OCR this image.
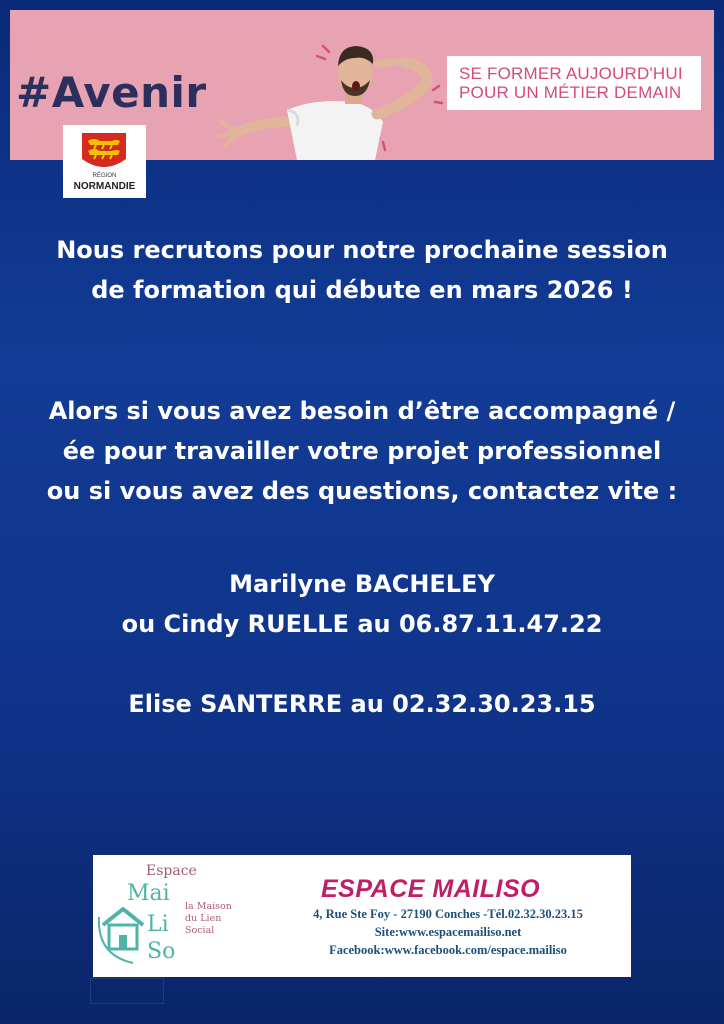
#Avenir	SE FORMER AUJOURD'HUI
POUR UN MÉTIER DEMAIN
RÉGION
NORMANDIE
Nous recrutons pour notre prochaine session
de formation qui débute en mars 2026 !
Alors si vous avez besoin d’être accompagné /
ée pour travailler votre projet professionnel
ou si vous avez des questions, contactez vite :
Marilyne BACHELEY
ou Cindy RUELLE au 06.87.11.47.22
Elise SANTERRE au 02.32.30.23.15
Espace
Mai
Li
So
la Maison
du Lien
Social
ESPACE MAILISO
4, Rue Ste Foy - 27190 Conches -Tél.02.32.30.23.15
Site:www.espacemailiso.net
Facebook:www.facebook.com/espace.mailiso
